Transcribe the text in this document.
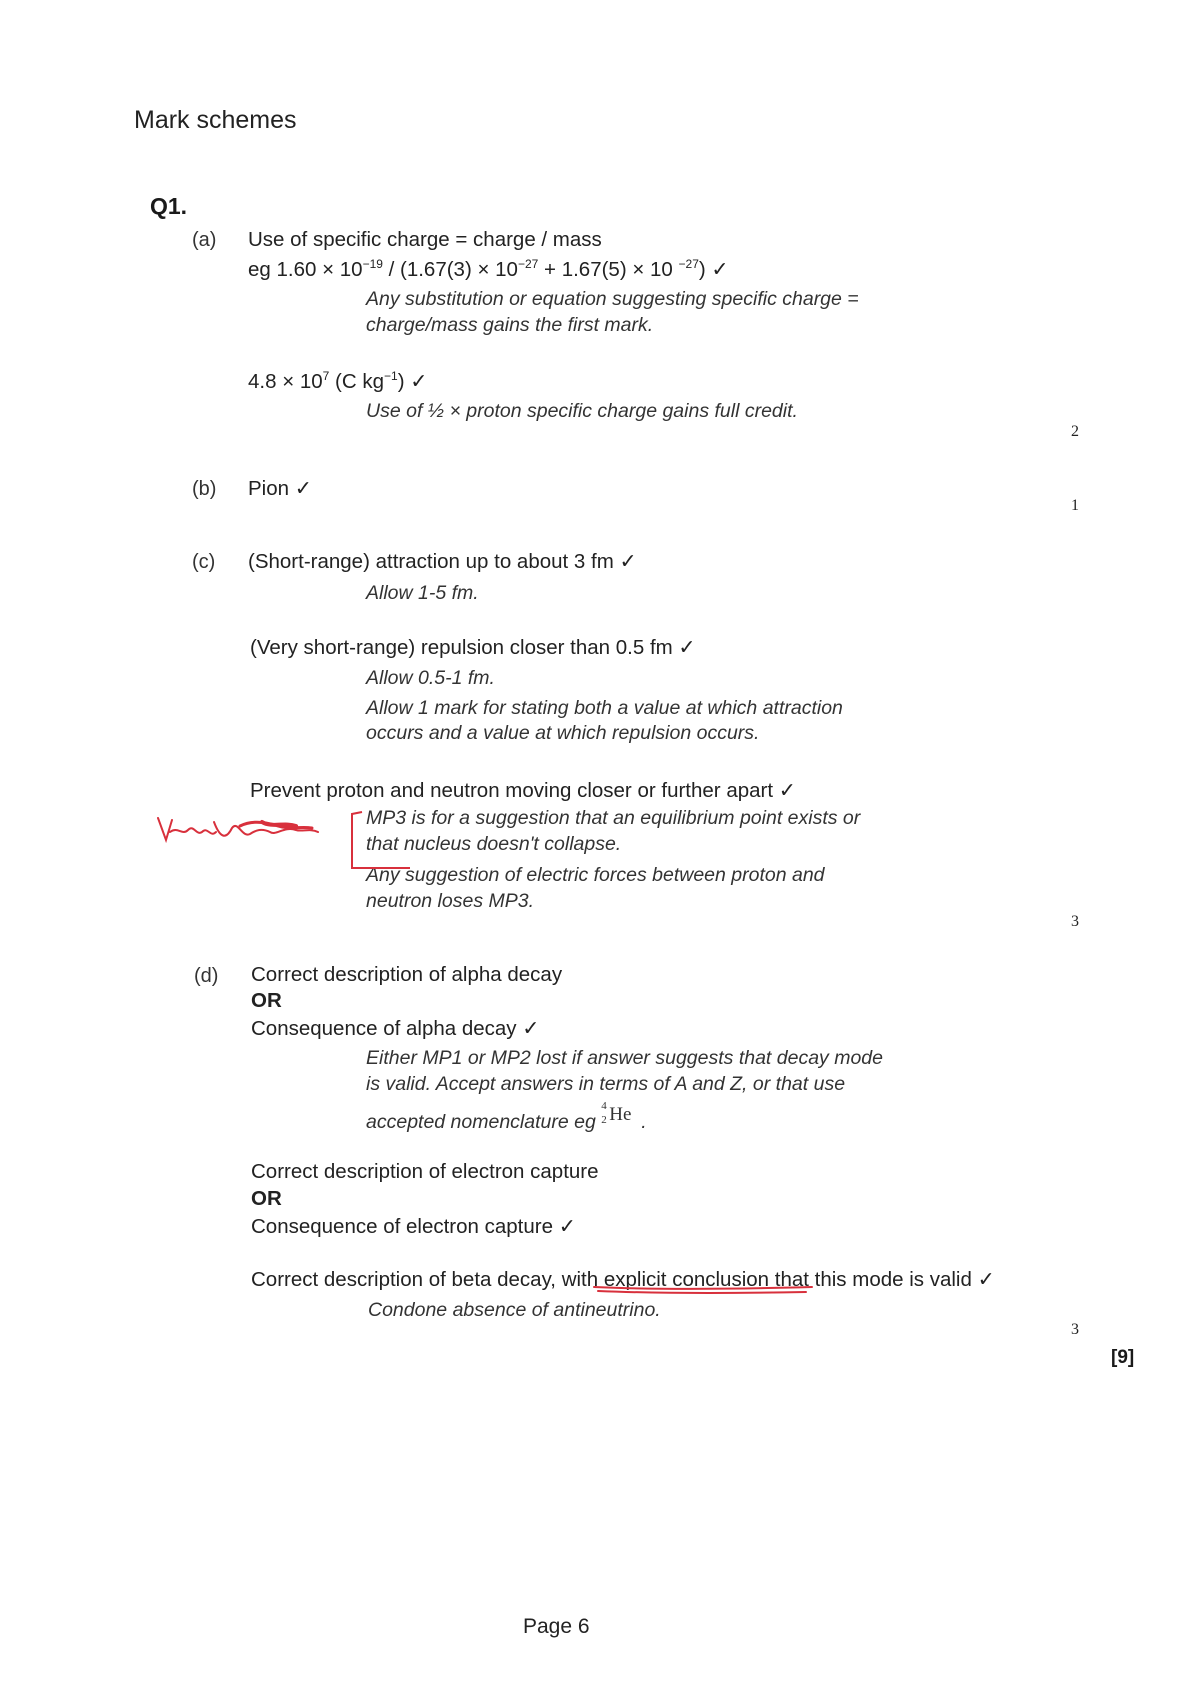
Mark schemes
Q1.
(a) Use of specific charge = charge / mass
eg $1.60 \times 10^{-19} / (1.67(3) \times 10^{-27} + 1.67(5) \times 10$ $^{-27}$) ✓
Any substitution or equation suggesting specific charge =
charge/mass gains the first mark.
$4.8 \times 10^7$ (C $kg^{-1}$) ✓
Use of ½ × proton specific charge gains full credit.
2
(b) Pion ✓
1
(c) (Short-range) attraction up to about 3 fm ✓
Allow 1-5 fm.
(Very short-range) repulsion closer than 0.5 fm ✓
Allow 0.5-1 fm.
Allow 1 mark for stating both a value at which attraction
occurs and a value at which repulsion occurs.
Prevent proton and neutron moving closer or further apart ✓
MP3 is for a suggestion that an equilibrium point exists or
that nucleus doesn't collapse.
Any suggestion of electric forces between proton and
neutron loses MP3.
3
(d) Correct description of alpha decay
OR
Consequence of alpha decay ✓
Either MP1 or MP2 lost if answer suggests that decay mode
is valid. Accept answers in terms of A and Z, or that use
accepted nomenclature eg
4
2 He .
Correct description of electron capture
OR
Consequence of electron capture ✓
Correct description of beta decay, with explicit conclusion that this mode is valid ✓
Condone absence of antineutrino.
3
[9]
Page 6
